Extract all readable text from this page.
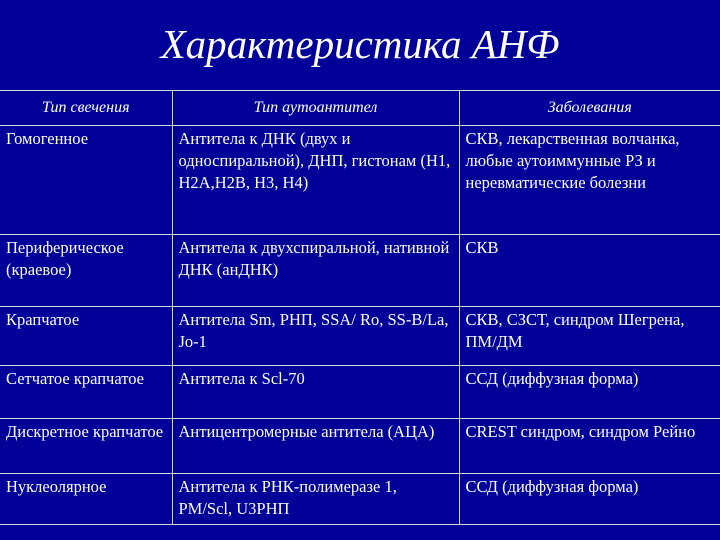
Характеристика АНФ
Тип свечения	Тип аутоантител	Заболевания
Гомогенное	Антитела к ДНК (двух и односпиральной), ДНП, гистонам (Н1, Н2А,Н2В, Н3, Н4)	СКВ, лекарственная волчанка, любые аутоиммунные РЗ и неревматические болезни
Периферическое (краевое)	Антитела к двухспиральной, нативной ДНК (анДНК)	СКВ
Крапчатое	Антитела Sm, РНП, SSA/ Ro, SS-B/La, Jo-1	СКВ, СЗСТ, синдром Шегрена, ПМ/ДМ
Сетчатое крапчатое	Антитела к Scl-70	ССД (диффузная форма)
Дискретное крапчатое	Антицентромерные антитела (АЦА)	CREST синдром, синдром Рейно
Нуклеолярное	Антитела к РНК-полимеразе 1, PM/Scl, U3РНП	ССД (диффузная форма)
